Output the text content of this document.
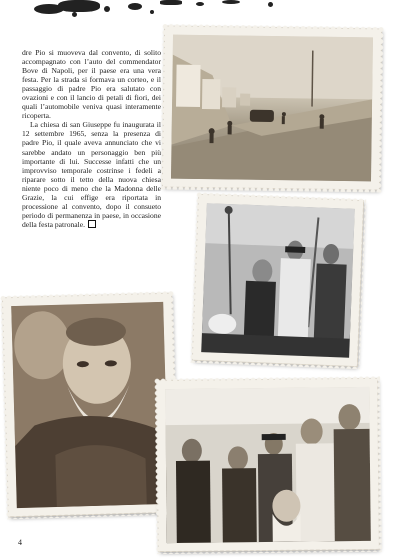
dre Pio si muoveva dal convento, di solito accompagnato con l’auto del commendator Bove di Napoli, per il paese era una vera festa. Per la strada si formava un corteo, e il passaggio di padre Pio era salutato con ovazioni e con il lancio di petali di fiori, dei quali l’automobile veniva quasi interamente ricoperta.

La chiesa di san Giuseppe fu inaugurata il 12 settembre 1965, senza la presenza di padre Pio, il quale aveva annunciato che vi sarebbe andato un personaggio ben più importante di lui. Successe infatti che un improvviso temporale costrinse i fedeli a riparare sotto il tetto della nuova chiesa niente poco di meno che la Madonna delle Grazie, la cui effige era riportata in processione al convento, dopo il consueto periodo di permanenza in paese, in occasione della festa patronale.

4
